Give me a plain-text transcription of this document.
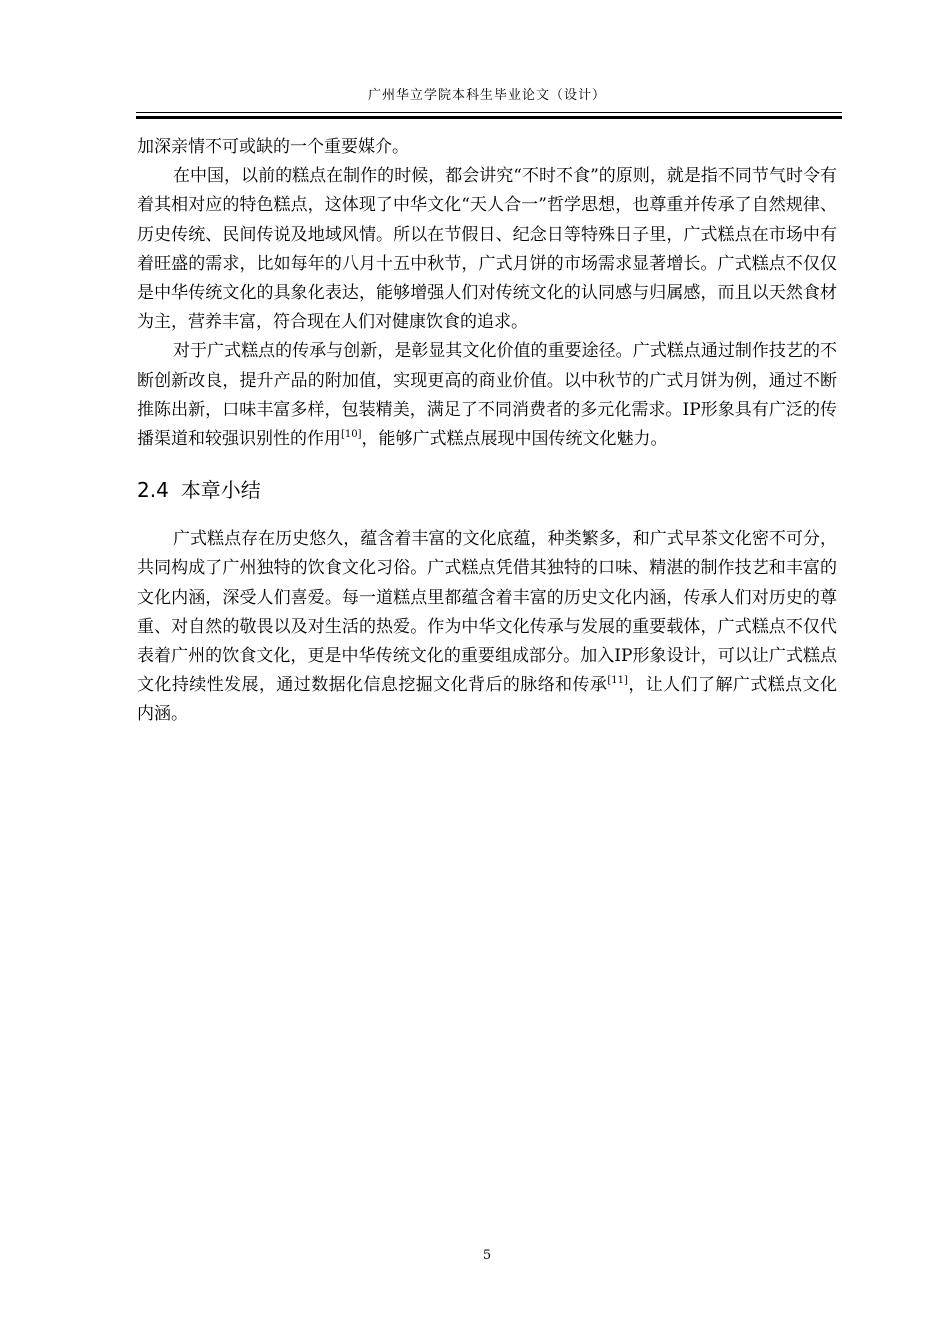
广州华立学院本科生毕业论文（设计）

加深亲情不可或缺的一个重要媒介。

在中国，以前的糕点在制作的时候，都会讲究“不时不食”的原则，就是指不同节气时令有着其相对应的特色糕点，这体现了中华文化“天人合一”哲学思想，也尊重并传承了自然规律、历史传统、民间传说及地域风情。所以在节假日、纪念日等特殊日子里，广式糕点在市场中有着旺盛的需求，比如每年的八月十五中秋节，广式月饼的市场需求显著增长。广式糕点不仅仅是中华传统文化的具象化表达，能够增强人们对传统文化的认同感与归属感，而且以天然食材为主，营养丰富，符合现在人们对健康饮食的追求。

对于广式糕点的传承与创新，是彰显其文化价值的重要途径。广式糕点通过制作技艺的不断创新改良，提升产品的附加值，实现更高的商业价值。以中秋节的广式月饼为例，通过不断推陈出新，口味丰富多样，包装精美，满足了不同消费者的多元化需求。IP形象具有广泛的传播渠道和较强识别性的作用[10]，能够广式糕点展现中国传统文化魅力。

2.4 本章小结

广式糕点存在历史悠久，蕴含着丰富的文化底蕴，种类繁多，和广式早茶文化密不可分，共同构成了广州独特的饮食文化习俗。广式糕点凭借其独特的口味、精湛的制作技艺和丰富的文化内涵，深受人们喜爱。每一道糕点里都蕴含着丰富的历史文化内涵，传承人们对历史的尊重、对自然的敬畏以及对生活的热爱。作为中华文化传承与发展的重要载体，广式糕点不仅代表着广州的饮食文化，更是中华传统文化的重要组成部分。加入IP形象设计，可以让广式糕点文化持续性发展，通过数据化信息挖掘文化背后的脉络和传承[11]，让人们了解广式糕点文化内涵。

5
